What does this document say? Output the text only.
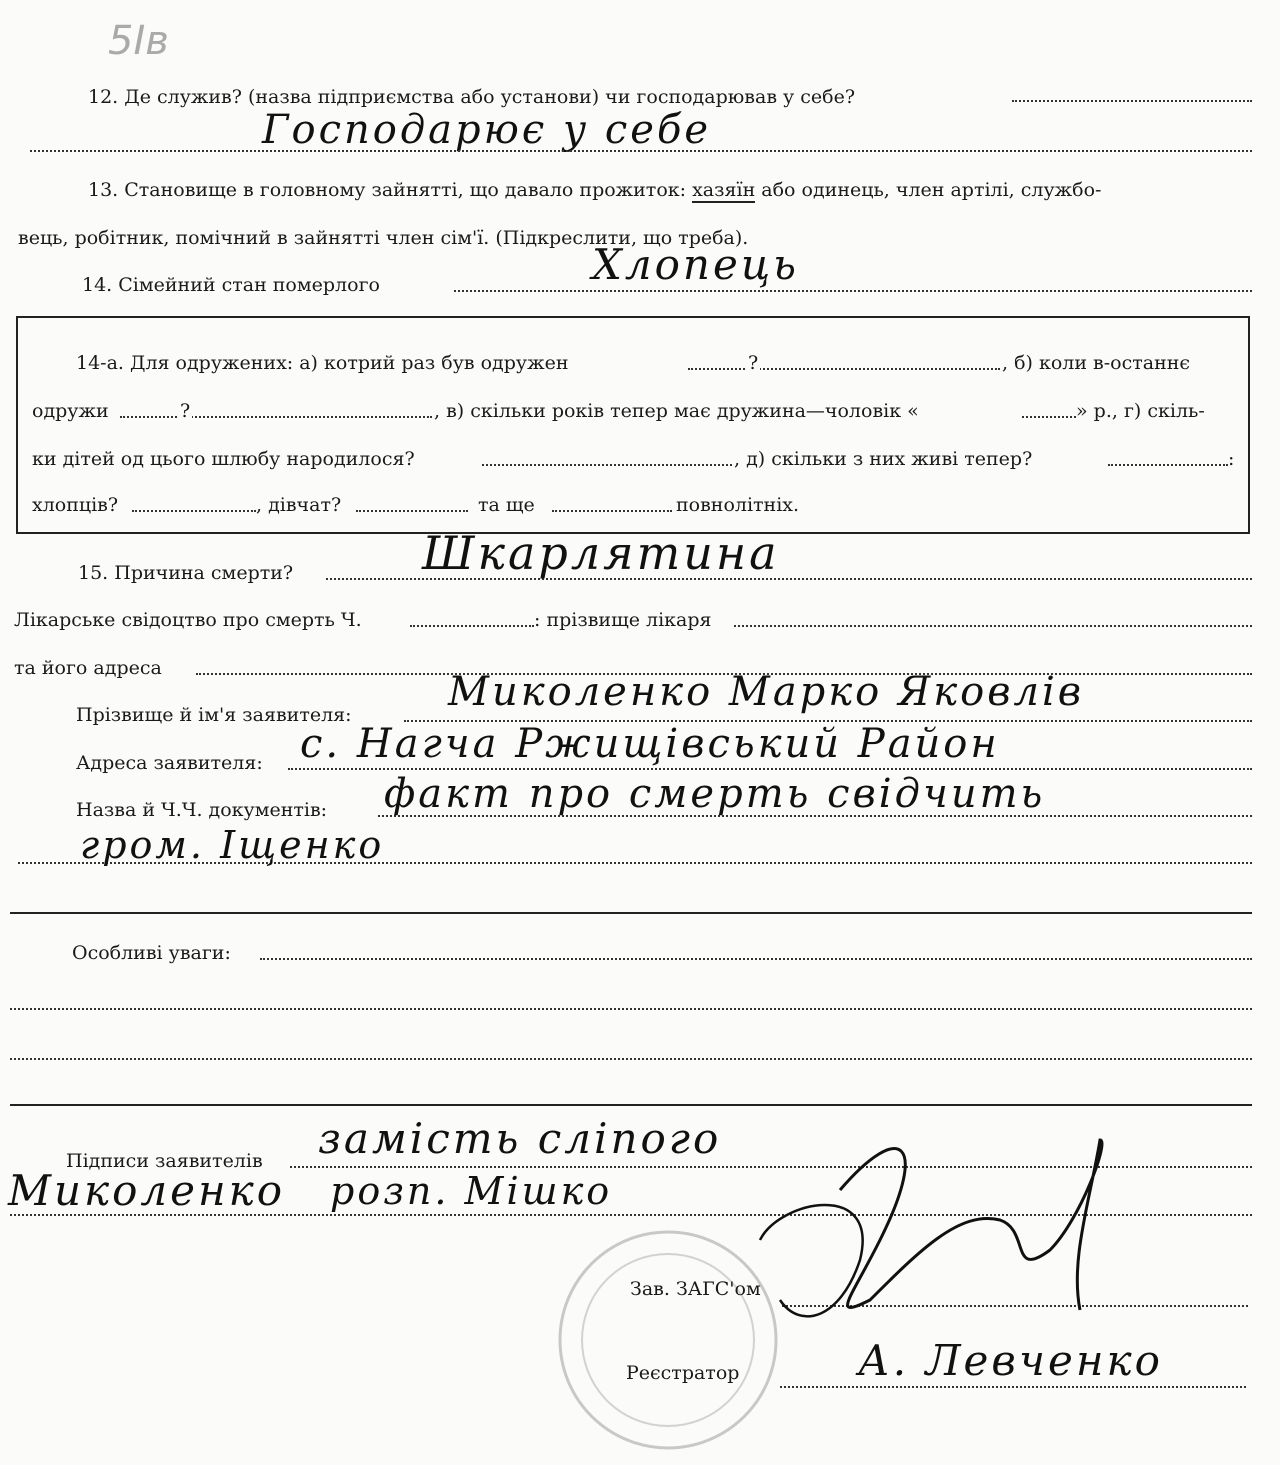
5Ів
12. Де служив? (назва підприємства або установи) чи господарював у себе?
Господарює у себе
13. Становище в головному зайнятті, що давало прожиток: хазяїн або одинець, член артілі, службо-
вець, робітник, помічний в зайнятті член сім'ї. (Підкреслити, що треба).
14. Сімейний стан померлого	Хлопець
14-а. Для одружених: а) котрий раз був одружен	?	, б) коли в-останнє
одружи	?	, в) скільки років тепер має дружина—чоловік «	» р., г) скіль-
ки дітей од цього шлюбу народилося?	, д) скільки з них живі тепер?	:
хлопців?	, дівчат?	та ще	повнолітніх.
15. Причина смерти?	Шкарлятина
Лікарське свідоцтво про смерть Ч.	: прізвище лікаря
та його адреса
Прізвище й ім'я заявителя: Миколенко Марко Яковлів
Адреса заявителя: с. Нагча Ржищівський Район
Назва й Ч.Ч. документів: факт про смерть свідчить
гром. Іщенко
Особливі уваги:
Підписи заявителів замість сліпого
Миколенко розп. Мішко
Зав. ЗАГС'ом
Реєстратор	А. Левченко
